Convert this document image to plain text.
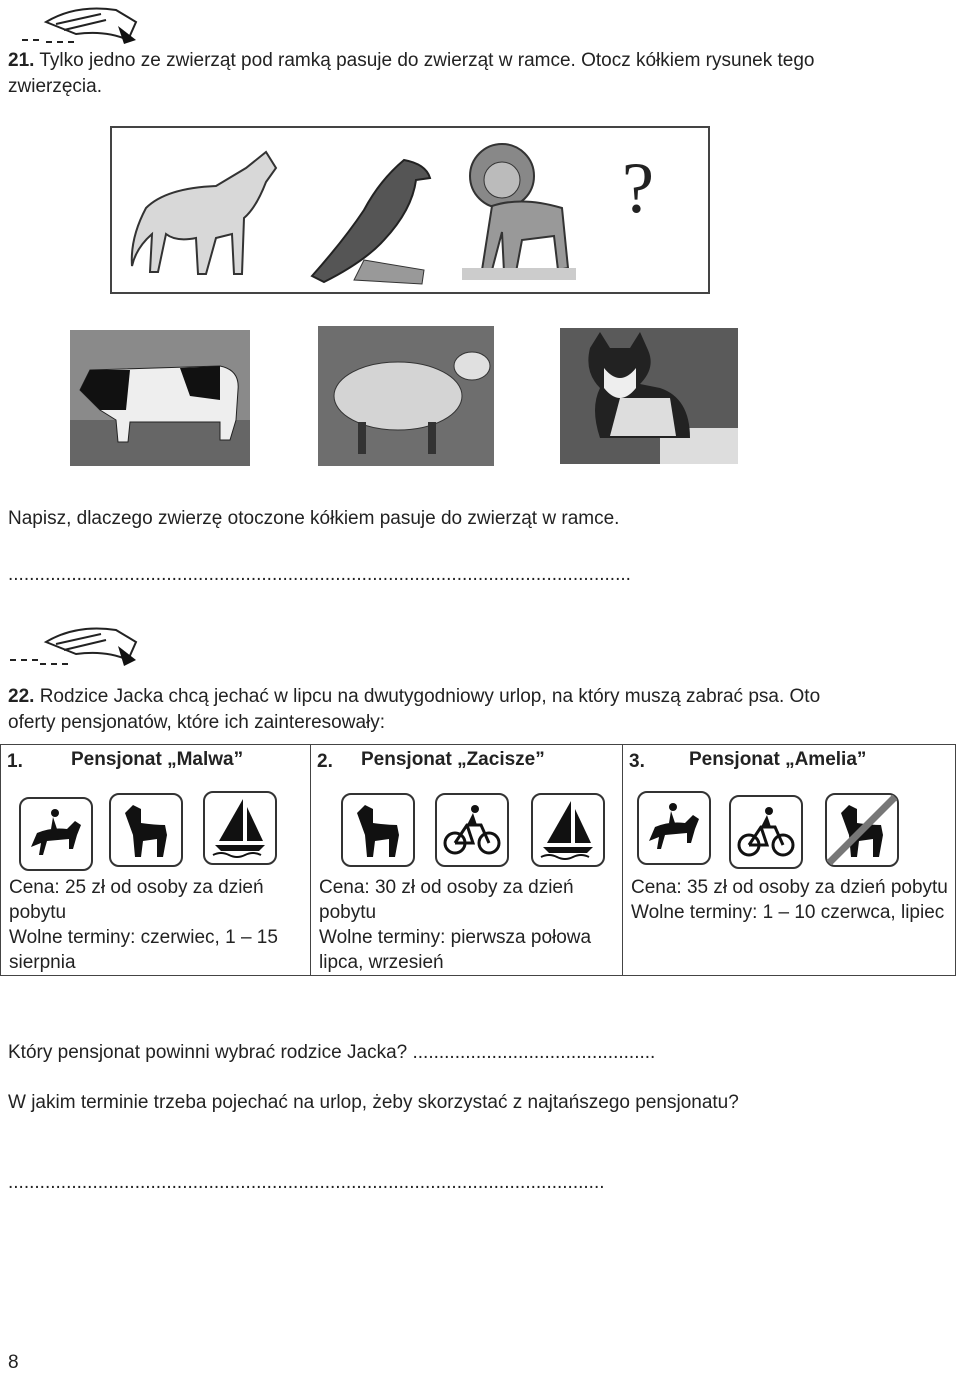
21. Tylko jedno ze zwierząt pod ramką pasuje do zwierząt w ramce. Otocz kółkiem rysunek tego zwierzęcia.
?
Napisz, dlaczego zwierzę otoczone kółkiem pasuje do zwierząt w ramce.
......................................................................................................................
22. Rodzice Jacka chcą jechać w lipcu na dwutygodniowy urlop, na który muszą zabrać psa. Oto oferty pensjonatów, które ich zainteresowały:
1.	Pensjonat „Malwa”
Cena: 25 zł od osoby za dzień pobytu
Wolne terminy: czerwiec, 1 – 15 sierpnia
2. Pensjonat „Zacisze”
Cena: 30 zł od osoby za dzień pobytu
Wolne terminy: pierwsza połowa lipca, wrzesień
3. Pensjonat „Amelia”
Cena: 35 zł od osoby za dzień pobytu
Wolne terminy: 1 – 10 czerwca, lipiec
Który pensjonat powinni wybrać rodzice Jacka? ..............................................
W jakim terminie trzeba pojechać na urlop, żeby skorzystać z najtańszego pensjonatu?
.................................................................................................................
8
